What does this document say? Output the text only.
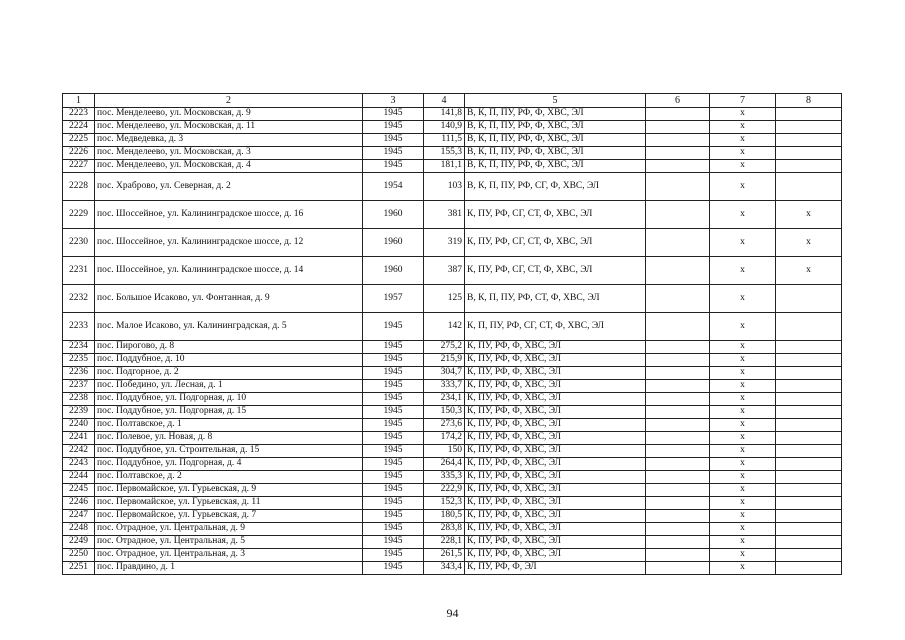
1	2	3	4	5	6	7	8
2223	пос. Менделеево, ул. Московская, д. 9	1945	141,8	В, К, П, ПУ, РФ, Ф, ХВС, ЭЛ		x	
2224	пос. Менделеево, ул. Московская, д. 11	1945	140,9	В, К, П, ПУ, РФ, Ф, ХВС, ЭЛ		x	
2225	пос. Медведевка, д. 3	1945	111,5	В, К, П, ПУ, РФ, Ф, ХВС, ЭЛ		x	
2226	пос. Менделеево, ул. Московская, д. 3	1945	155,3	В, К, П, ПУ, РФ, Ф, ХВС, ЭЛ		x	
2227	пос. Менделеево, ул. Московская, д. 4	1945	181,1	В, К, П, ПУ, РФ, Ф, ХВС, ЭЛ		x	
2228	пос. Храброво, ул. Северная, д. 2	1954	103	В, К, П, ПУ, РФ, СГ, Ф, ХВС, ЭЛ		x	
2229	пос. Шоссейное, ул. Калининградское шоссе, д. 16	1960	381	К, ПУ, РФ, СГ, СТ, Ф, ХВС, ЭЛ		x	x
2230	пос. Шоссейное, ул. Калининградское шоссе, д. 12	1960	319	К, ПУ, РФ, СГ, СТ, Ф, ХВС, ЭЛ		x	x
2231	пос. Шоссейное, ул. Калининградское шоссе, д. 14	1960	387	К, ПУ, РФ, СГ, СТ, Ф, ХВС, ЭЛ		x	x
2232	пос. Большое Исаково, ул. Фонтанная, д. 9	1957	125	В, К, П, ПУ, РФ, СТ, Ф, ХВС, ЭЛ		x	
2233	пос. Малое Исаково, ул. Калининградская, д. 5	1945	142	К, П, ПУ, РФ, СГ, СТ, Ф, ХВС, ЭЛ		x	
2234	пос. Пирогово, д. 8	1945	275,2	К, ПУ, РФ, Ф, ХВС, ЭЛ		x	
2235	пос. Поддубное, д. 10	1945	215,9	К, ПУ, РФ, Ф, ХВС, ЭЛ		x	
2236	пос. Подгорное, д. 2	1945	304,7	К, ПУ, РФ, Ф, ХВС, ЭЛ		x	
2237	пос. Победино, ул. Лесная, д. 1	1945	333,7	К, ПУ, РФ, Ф, ХВС, ЭЛ		x	
2238	пос. Поддубное, ул. Подгорная, д. 10	1945	234,1	К, ПУ, РФ, Ф, ХВС, ЭЛ		x	
2239	пос. Поддубное, ул. Подгорная, д. 15	1945	150,3	К, ПУ, РФ, Ф, ХВС, ЭЛ		x	
2240	пос. Полтавское, д. 1	1945	273,6	К, ПУ, РФ, Ф, ХВС, ЭЛ		x	
2241	пос. Полевое, ул. Новая, д. 8	1945	174,2	К, ПУ, РФ, Ф, ХВС, ЭЛ		x	
2242	пос. Поддубное, ул. Строительная, д. 15	1945	150	К, ПУ, РФ, Ф, ХВС, ЭЛ		x	
2243	пос. Поддубное, ул. Подгорная, д. 4	1945	264,4	К, ПУ, РФ, Ф, ХВС, ЭЛ		x	
2244	пос. Полтавское, д. 2	1945	335,3	К, ПУ, РФ, Ф, ХВС, ЭЛ		x	
2245	пос. Первомайское, ул. Гурьевская, д. 9	1945	222,9	К, ПУ, РФ, Ф, ХВС, ЭЛ		x	
2246	пос. Первомайское, ул. Гурьевская, д. 11	1945	152,3	К, ПУ, РФ, Ф, ХВС, ЭЛ		x	
2247	пос. Первомайское, ул. Гурьевская, д. 7	1945	180,5	К, ПУ, РФ, Ф, ХВС, ЭЛ		x	
2248	пос. Отрадное, ул. Центральная, д. 9	1945	283,8	К, ПУ, РФ, Ф, ХВС, ЭЛ		x	
2249	пос. Отрадное, ул. Центральная, д. 5	1945	228,1	К, ПУ, РФ, Ф, ХВС, ЭЛ		x	
2250	пос. Отрадное, ул. Центральная, д. 3	1945	261,5	К, ПУ, РФ, Ф, ХВС, ЭЛ		x	
2251	пос. Правдино, д. 1	1945	343,4	К, ПУ, РФ, Ф, ЭЛ		x	
94
